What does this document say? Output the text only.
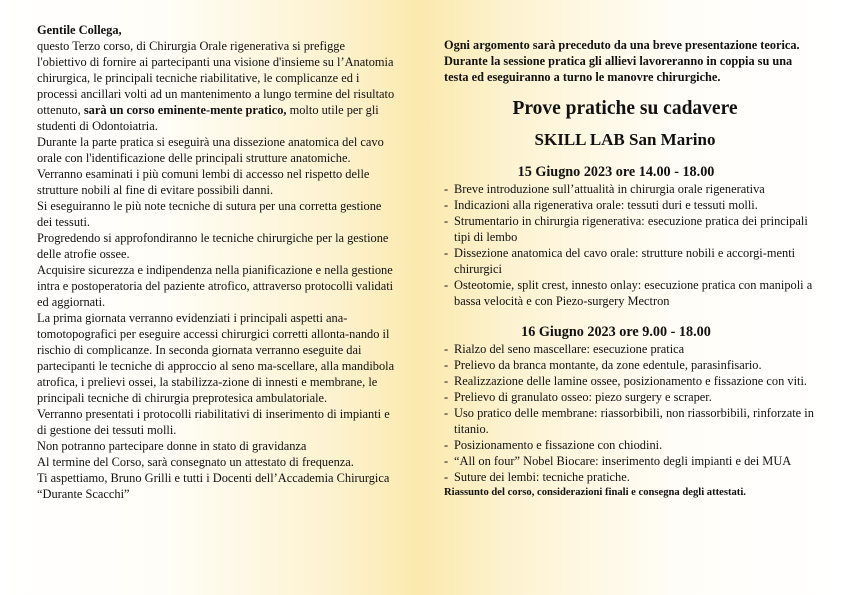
Gentile Collega,

questo Terzo corso, di Chirurgia Orale rigenerativa si prefigge l'obiettivo di fornire ai partecipanti una visione d'insieme su l’Anatomia chirurgica, le principali tecniche riabilitative, le complicanze ed i processi ancillari volti ad un mantenimento a lungo termine del risultato ottenuto, sarà un corso eminente-mente pratico, molto utile per gli studenti di Odontoiatria.

Durante la parte pratica si eseguirà una dissezione anatomica del cavo orale con l'identificazione delle principali strutture anatomiche.

Verranno esaminati i più comuni lembi di accesso nel rispetto delle strutture nobili al fine di evitare possibili danni.

Si eseguiranno le più note tecniche di sutura per una corretta gestione dei tessuti.

Progredendo si approfondiranno le tecniche chirurgiche per la gestione delle atrofie ossee.

Acquisire sicurezza e indipendenza nella pianificazione e nella gestione intra e postoperatoria del paziente atrofico, attraverso protocolli validati ed aggiornati.

La prima giornata verranno evidenziati i principali aspetti ana-tomotopografici per eseguire accessi chirurgici corretti allonta-nando il rischio di complicanze. In seconda giornata verranno eseguite dai partecipanti le tecniche di approccio al seno ma-scellare, alla mandibola atrofica, i prelievi ossei, la stabilizza-zione di innesti e membrane, le principali tecniche di chirurgia preprotesica ambulatoriale.

Verranno presentati i protocolli riabilitativi di inserimento di impianti e di gestione dei tessuti molli.

Non potranno partecipare donne in stato di gravidanza

Al termine del Corso, sarà consegnato un attestato di frequenza.

Ti aspettiamo, Bruno Grilli e tutti i Docenti dell’Accademia Chirurgica “Durante Scacchi”

Ogni argomento sarà preceduto da una breve presentazione teorica.

Durante la sessione pratica gli allievi lavoreranno in coppia su una testa ed eseguiranno a turno le manovre chirurgiche.

Prove pratiche su cadavere

SKILL LAB San Marino

15 Giugno 2023 ore 14.00 - 18.00

- Breve introduzione sull’attualità in chirurgia orale rigenerativa
- Indicazioni alla rigenerativa orale: tessuti duri e tessuti molli.
- Strumentario in chirurgia rigenerativa: esecuzione pratica dei principali tipi di lembo
- Dissezione anatomica del cavo orale: strutture nobili e accorgi-menti chirurgici
- Osteotomie, split crest, innesto onlay: esecuzione pratica con manipoli a bassa velocità e con Piezo-surgery Mectron

16 Giugno 2023 ore 9.00 - 18.00

- Rialzo del seno mascellare: esecuzione pratica
- Prelievo da branca montante, da zone edentule, parasinfisario.
- Realizzazione delle lamine ossee, posizionamento e fissazione con viti.
- Prelievo di granulato osseo: piezo surgery e scraper.
- Uso pratico delle membrane: riassorbibili, non riassorbibili, rinforzate in titanio.
- Posizionamento e fissazione con chiodini.
- “All on four” Nobel Biocare: inserimento degli impianti e dei MUA
- Suture dei lembi: tecniche pratiche.

Riassunto del corso, considerazioni finali e consegna degli attestati.
